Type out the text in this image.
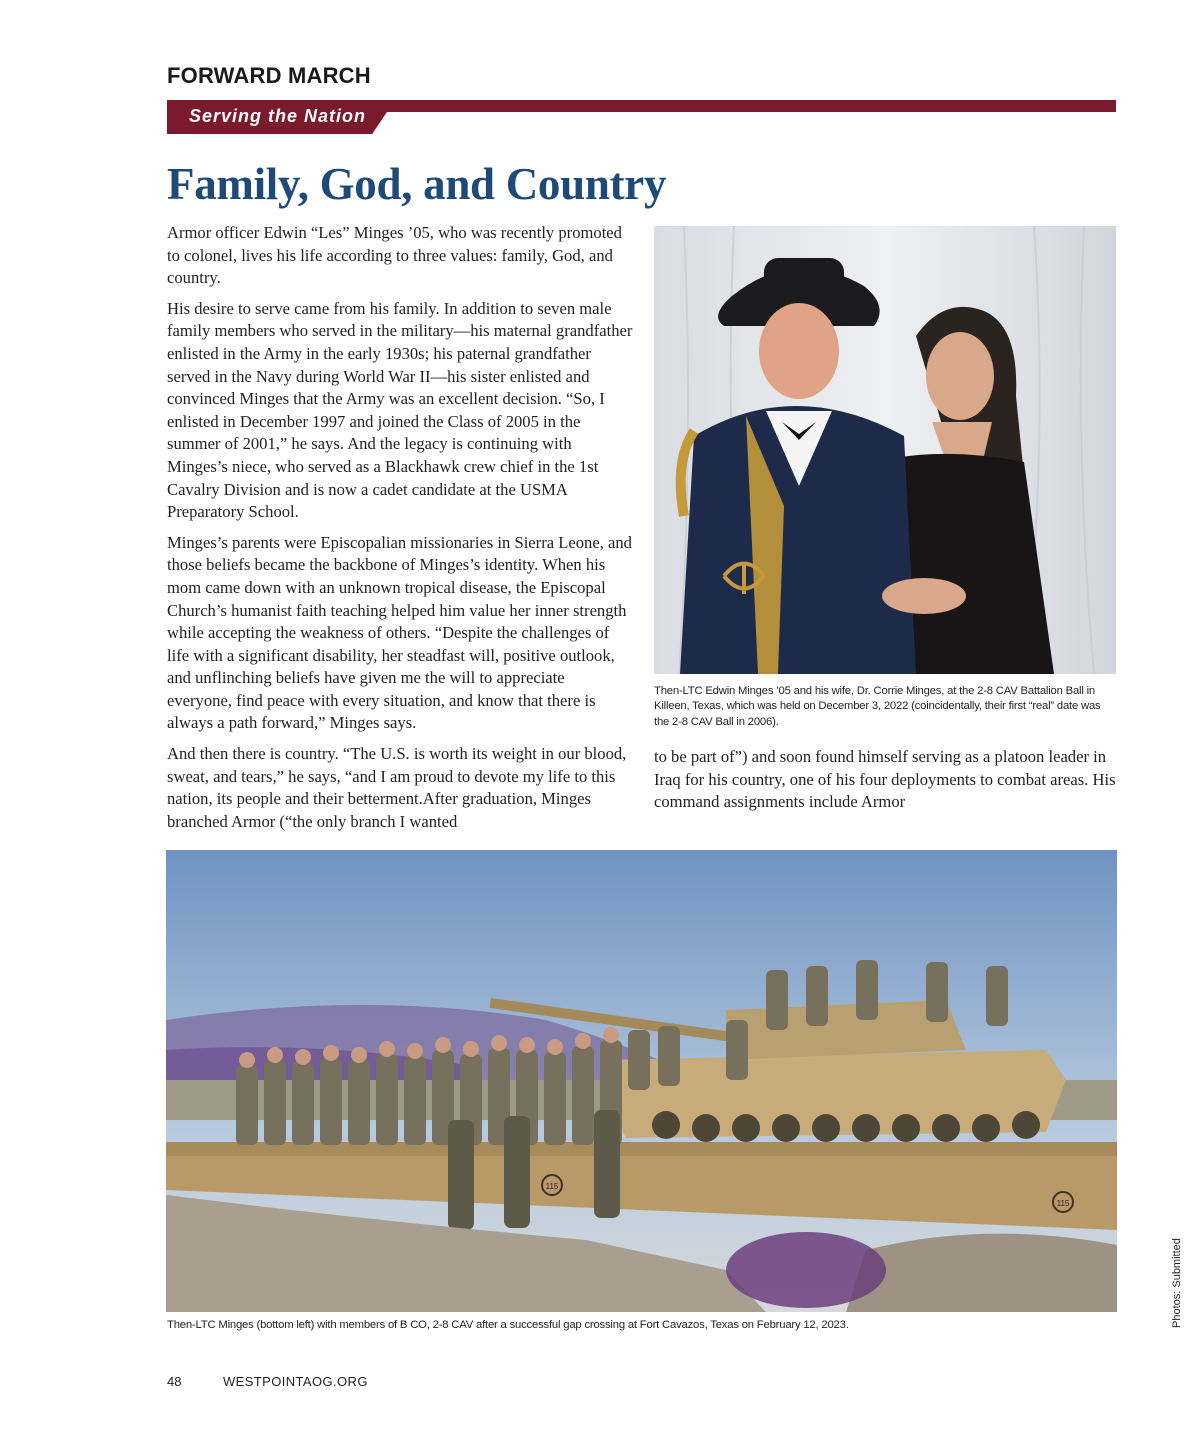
FORWARD MARCH
Serving the Nation
Family, God, and Country

Armor officer Edwin “Les” Minges ’05, who was recently promoted to colonel, lives his life according to three values: family, God, and country.

His desire to serve came from his family. In addition to seven male family members who served in the military—his maternal grandfather enlisted in the Army in the early 1930s; his paternal grandfather served in the Navy during World War II—his sister enlisted and convinced Minges that the Army was an excellent decision. “So, I enlisted in December 1997 and joined the Class of 2005 in the summer of 2001,” he says. And the legacy is continuing with Minges’s niece, who served as a Blackhawk crew chief in the 1st Cavalry Division and is now a cadet candidate at the USMA Preparatory School.

Minges’s parents were Episcopalian missionaries in Sierra Leone, and those beliefs became the backbone of Minges’s identity. When his mom came down with an unknown tropical disease, the Episcopal Church’s humanist faith teaching helped him value her inner strength while accepting the weakness of others. “Despite the challenges of life with a significant disability, her steadfast will, positive outlook, and unflinching beliefs have given me the will to appreciate everyone, find peace with every situation, and know that there is always a path forward,” Minges says.

And then there is country. “The U.S. is worth its weight in our blood, sweat, and tears,” he says, “and I am proud to devote my life to this nation, its people and their betterment.After graduation, Minges branched Armor (“the only branch I wanted

Then-LTC Edwin Minges ’05 and his wife, Dr. Corrie Minges, at the 2-8 CAV Battalion Ball in Killeen, Texas, which was held on December 3, 2022 (coincidentally, their first “real” date was the 2-8 CAV Ball in 2006).

to be part of”) and soon found himself serving as a platoon leader in Iraq for his country, one of his four deployments to combat areas. His command assignments include Armor

115
115
Then-LTC Minges (bottom left) with members of B CO, 2-8 CAV after a successful gap crossing at Fort Cavazos, Texas on February 12, 2023.	Photos: Submitted
48	WESTPOINTAOG.ORG
